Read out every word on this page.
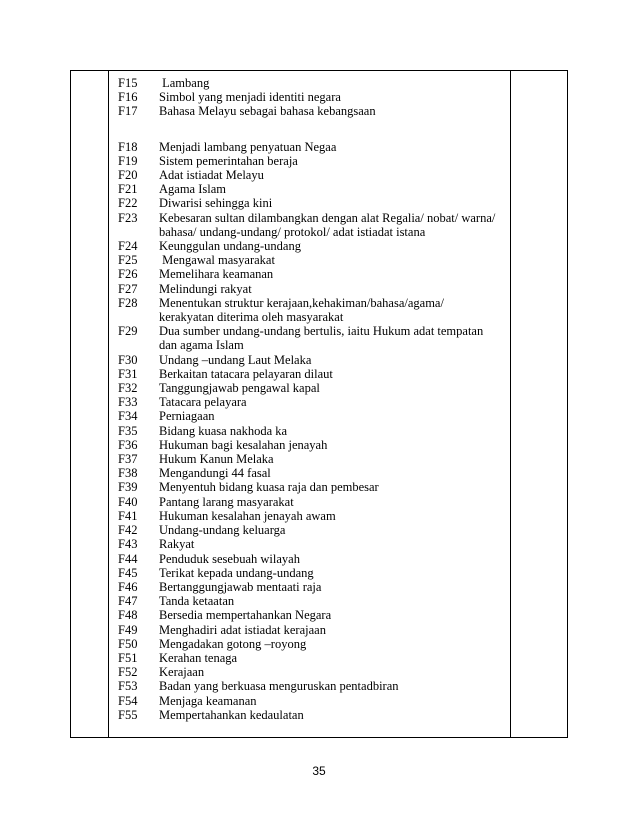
F15	Lambang
F16	Simbol yang menjadi identiti negara
F17	Bahasa Melayu sebagai bahasa kebangsaan
F18	Menjadi lambang penyatuan Negaa
F19	Sistem pemerintahan beraja
F20	Adat istiadat Melayu
F21	Agama Islam
F22	Diwarisi sehingga kini
F23	Kebesaran sultan dilambangkan dengan alat Regalia/ nobat/ warna/
bahasa/ undang-undang/ protokol/ adat istiadat istana
F24	Keunggulan undang-undang
F25	Mengawal masyarakat
F26	Memelihara keamanan
F27	Melindungi rakyat
F28	Menentukan struktur kerajaan,kehakiman/bahasa/agama/
kerakyatan diterima oleh masyarakat
F29	Dua sumber undang-undang bertulis, iaitu Hukum adat tempatan
dan agama Islam
F30	Undang –undang Laut Melaka
F31	Berkaitan tatacara pelayaran dilaut
F32	Tanggungjawab pengawal kapal
F33	Tatacara pelayara
F34	Perniagaan
F35	Bidang kuasa nakhoda ka
F36	Hukuman bagi kesalahan jenayah
F37	Hukum Kanun Melaka
F38	Mengandungi 44 fasal
F39	Menyentuh bidang kuasa raja dan pembesar
F40	Pantang larang masyarakat
F41	Hukuman kesalahan jenayah awam
F42	Undang-undang keluarga
F43	Rakyat
F44	Penduduk sesebuah wilayah
F45	Terikat kepada undang-undang
F46	Bertanggungjawab mentaati raja
F47	Tanda ketaatan
F48	Bersedia mempertahankan Negara
F49	Menghadiri adat istiadat kerajaan
F50	Mengadakan gotong –royong
F51	Kerahan tenaga
F52	Kerajaan
F53	Badan yang berkuasa menguruskan pentadbiran
F54	Menjaga keamanan
F55	Mempertahankan kedaulatan
35
